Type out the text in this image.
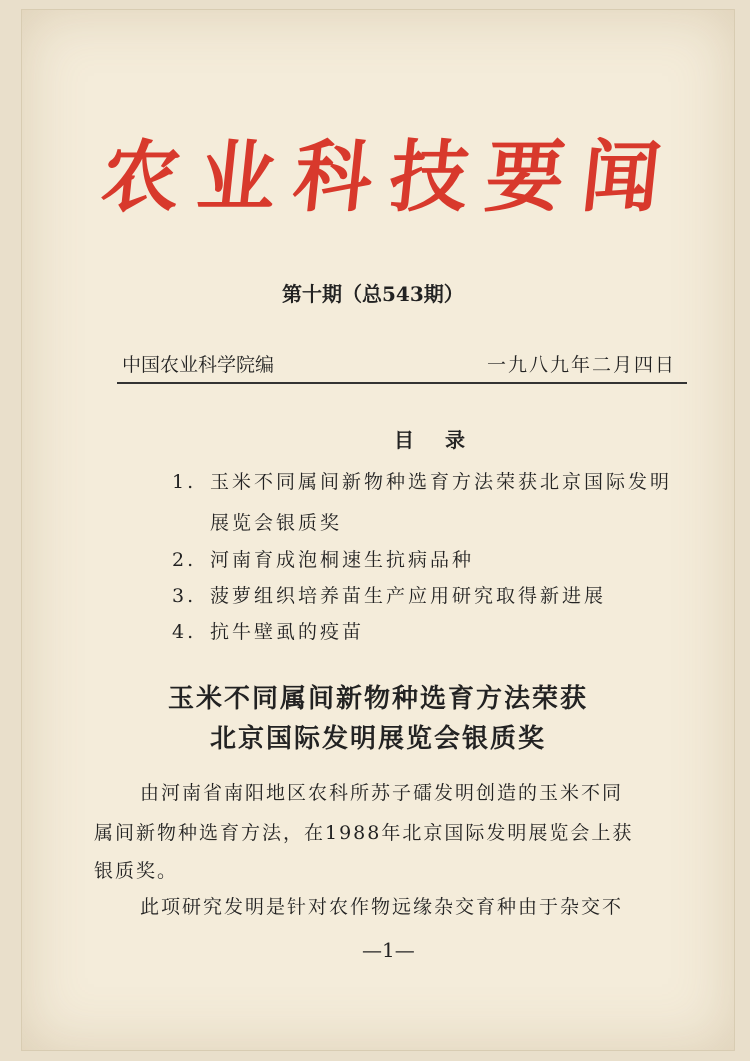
农业科技要闻
第十期（总543期）
中国农业科学院编	一九八九年二月四日
目 录
1. 玉米不同属间新物种选育方法荣获北京国际发明
展览会银质奖
2. 河南育成泡桐速生抗病品种
3. 菠萝组织培养苗生产应用研究取得新进展
4. 抗牛壁虱的疫苗
玉米不同属间新物种选育方法荣获
北京国际发明展览会银质奖
由河南省南阳地区农科所苏子礌发明创造的玉米不同
属间新物种选育方法，在1988年北京国际发明展览会上获
银质奖。
此项研究发明是针对农作物远缘杂交育种由于杂交不
—1—
